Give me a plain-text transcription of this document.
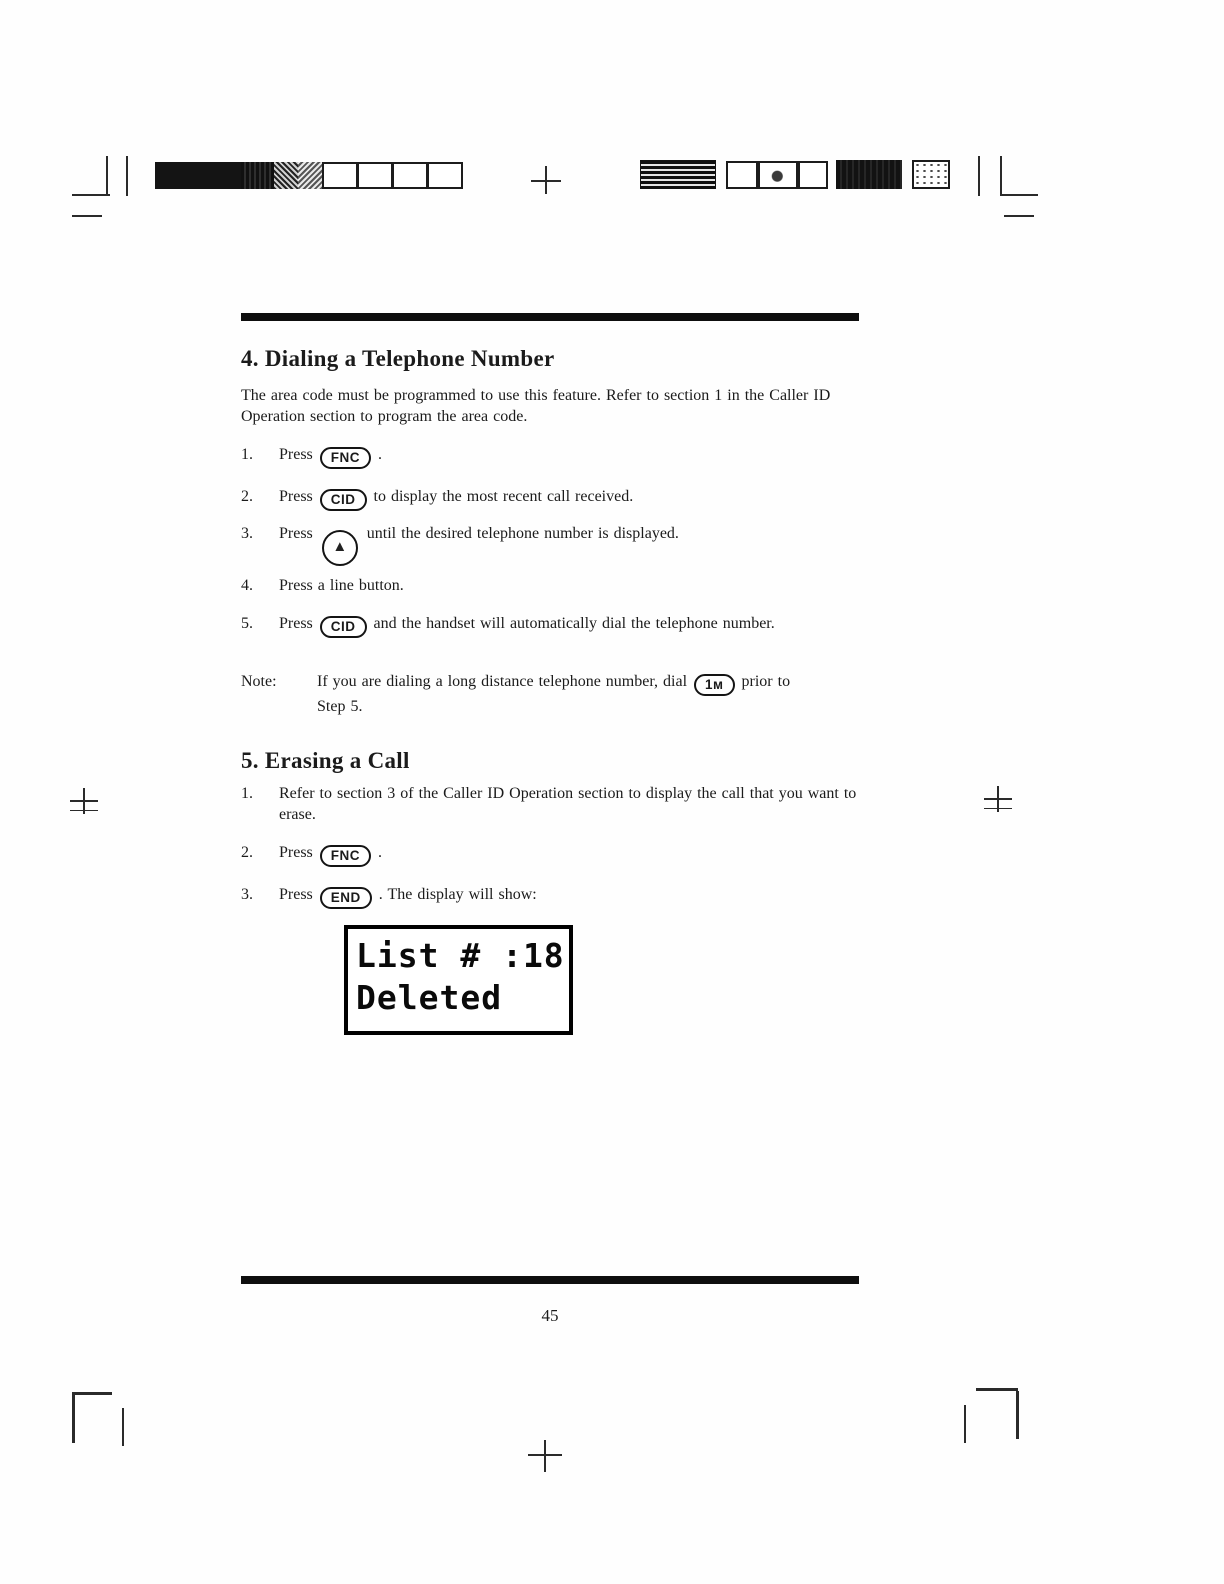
4. Dialing a Telephone Number

The area code must be programmed to use this feature. Refer to section 1 in the Caller ID Operation section to program the area code.

1.	Press FNC .
2.	Press CID to display the most recent call received.
3.	Press
▲
until the desired telephone number is displayed.
4.	Press a line button.
5.	Press CID and the handset will automatically dial the telephone number.
Note:	If you are dialing a long distance telephone number, dial 1ᴍ prior to
Step 5.
5. Erasing a Call
1.	Refer to section 3 of the Caller ID Operation section to display the call that you want to erase.
2.	Press FNC .
3.	Press END . The display will show:
List # :18
Deleted
45
